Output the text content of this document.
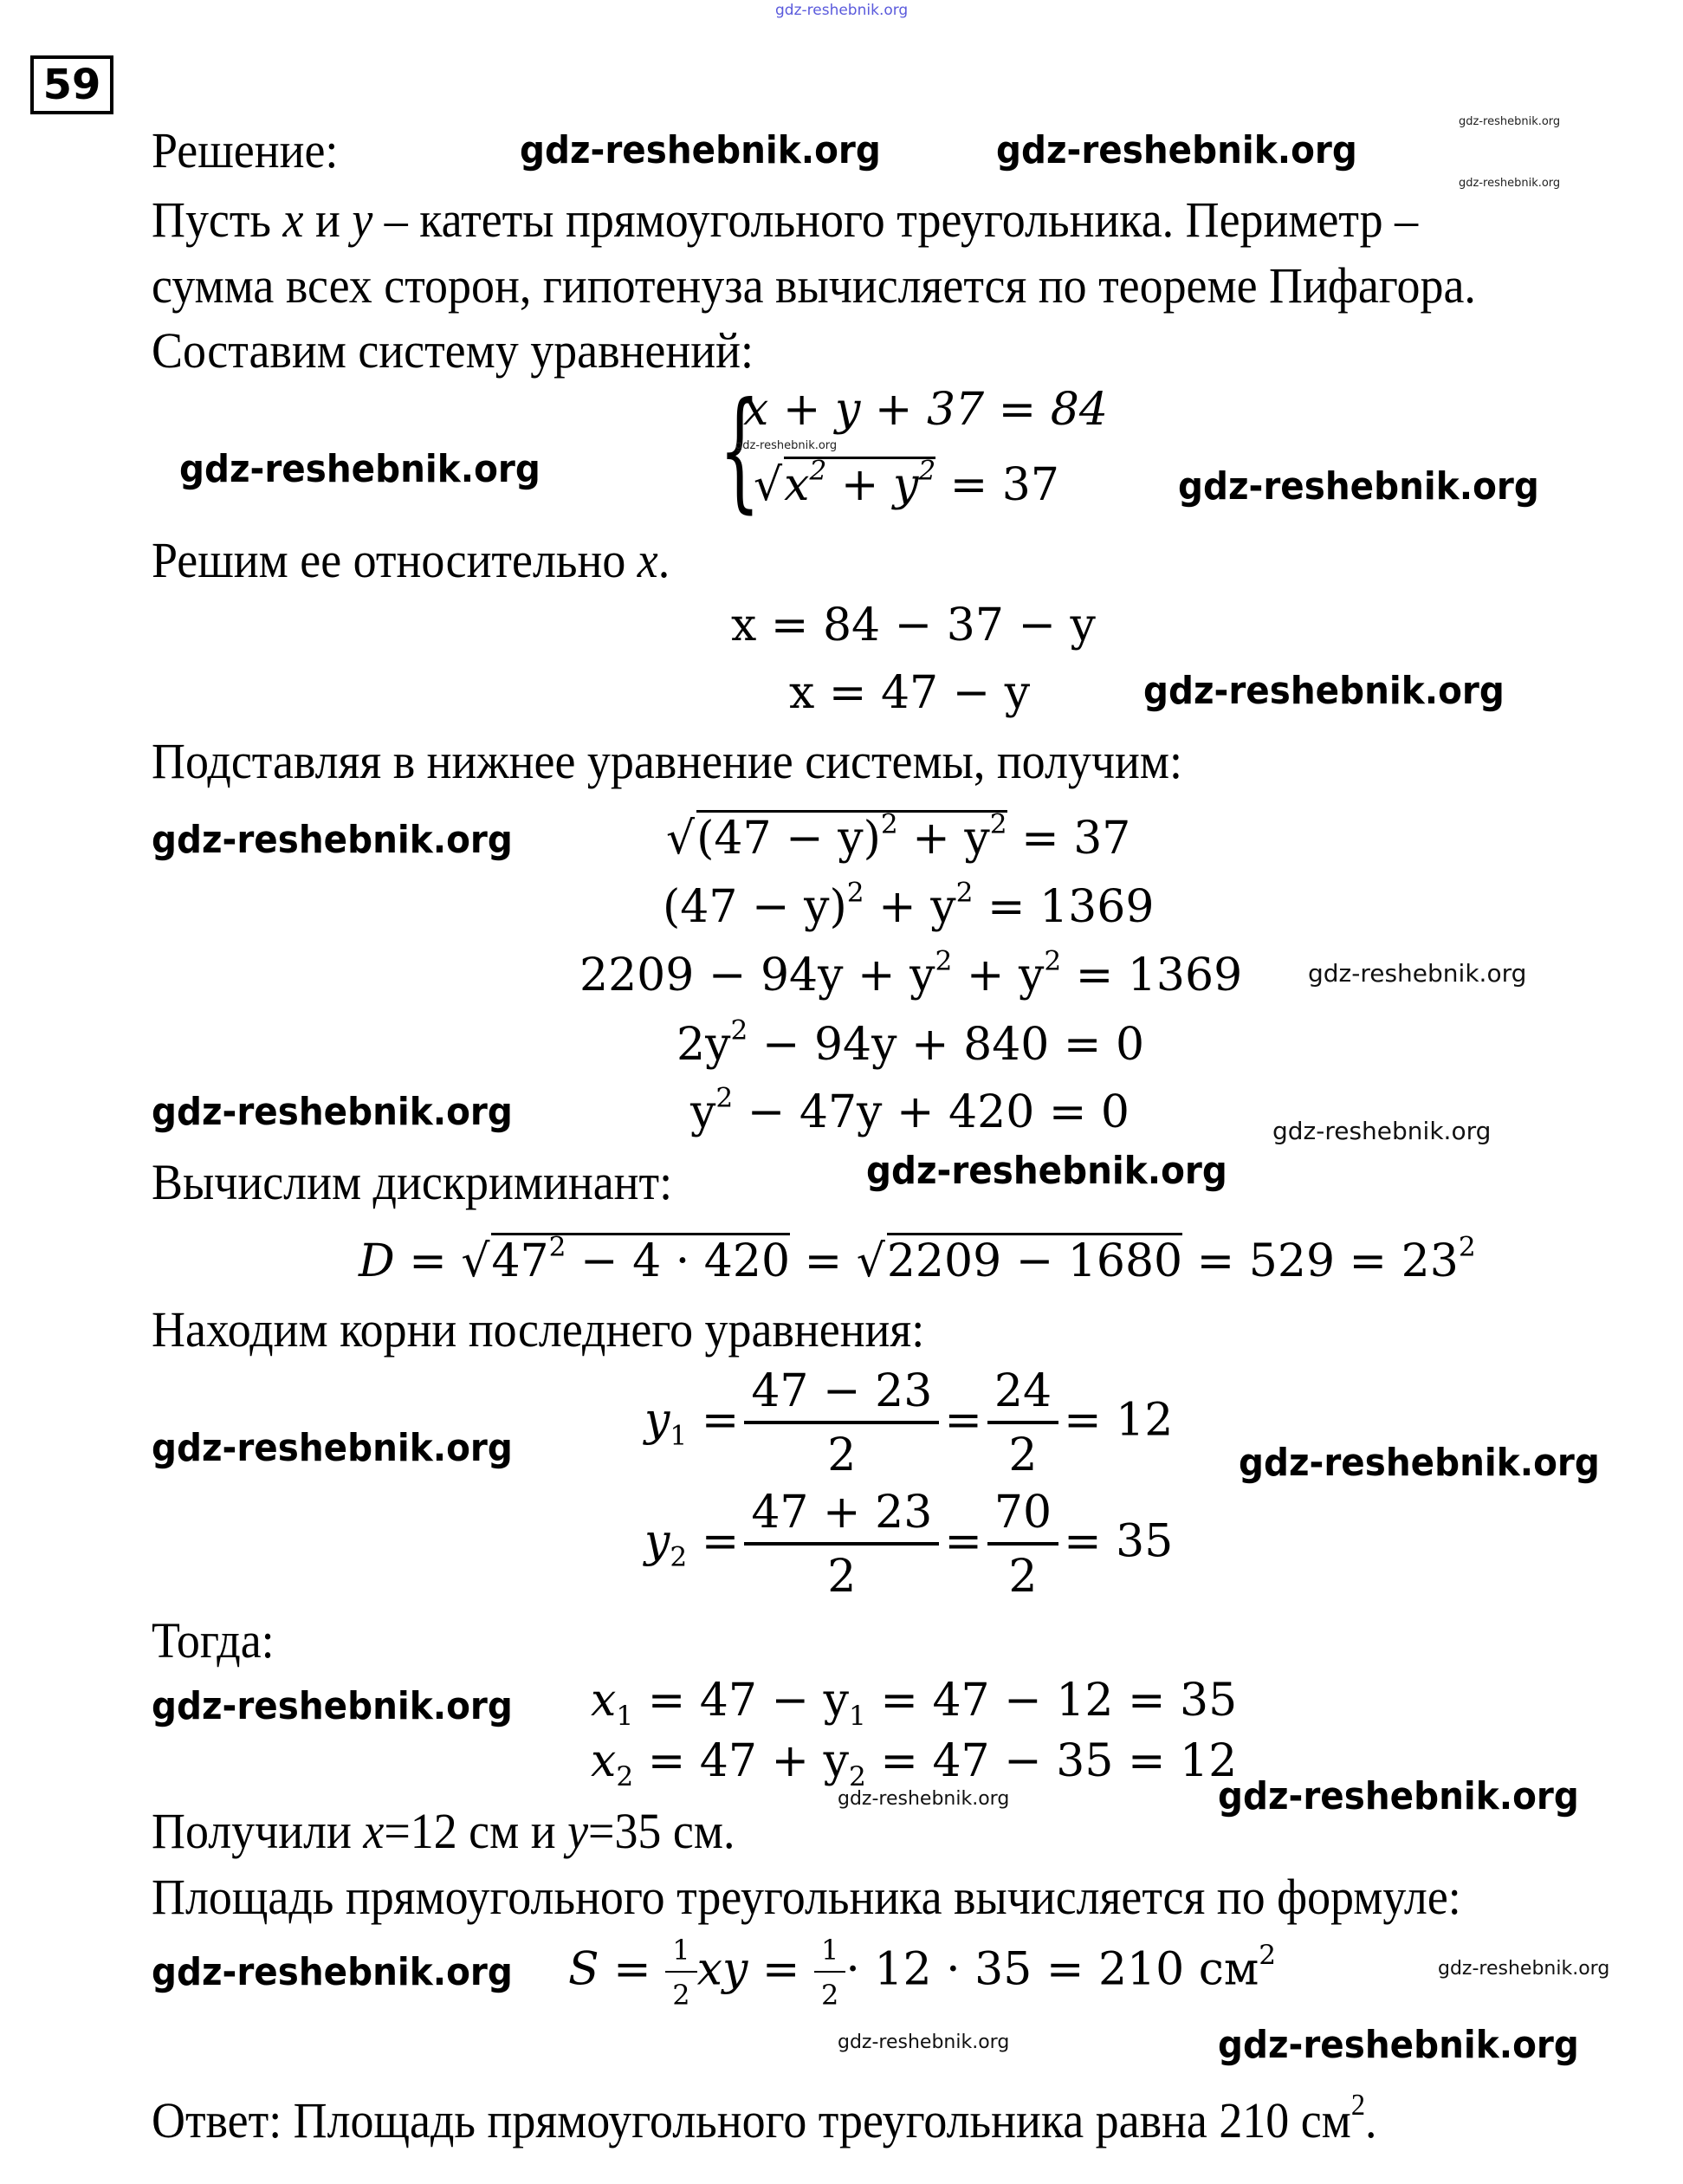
gdz-reshebnik.org
59
Решение:
Пусть x и y – катеты прямоугольного треугольника. Периметр –
сумма всех сторон, гипотенуза вычисляется по теореме Пифагора.
Составим систему уравнений:
{
x + y + 37 = 84
$√x^2 + y^2 = 37$
Решим ее относительно x.
x = 84 − 37 − y
x = 47 − y
Подставляя в нижнее уравнение системы, получим:
$√(47 - y)^2 + y^2 = 37$
$(47 - y)^2 + y^2 = 1369$
$2209 - 94y + y^2 + y^2 = 1369$
$2y^2 - 94y + 840 = 0$
$y^2 - 47y + 420 = 0$
Вычислим дискриминант:
$D = √47^2 - 4 \cdot 420 = √2209 - 1680 = 529 = 23^2$
Находим корни последнего уравнения:
$y_1 = \frac{47 - 23}{2} = \frac{24}{2} = 12$
$y_2 = \frac{47 + 23}{2} = \frac{70}{2} = 35$
Тогда:
$x_1 = 47 - y_1 = 47 - 12 = 35$
$x_2 = 47 + y_2 = 47 - 35 = 12$
Получили x=12 см и y=35 см.
Площадь прямоугольного треугольника вычисляется по формуле:
$S = \frac{1}{2}$ xy = $\frac{1}{2} \cdot 12 \cdot 35 = 210$ $см^2$
Ответ: Площадь прямоугольного треугольника равна 210 $см^2$.
gdz-reshebnik.org	gdz-reshebnik.org
gdz-reshebnik.org
gdz-reshebnik.org
gdz-reshebnik.org
gdz-reshebnik.org
gdz-reshebnik.org
gdz-reshebnik.org
gdz-reshebnik.org	gdz-reshebnik.org
gdz-reshebnik.org
gdz-reshebnik.org
gdz-reshebnik.org
gdz-reshebnik.org
gdz-reshebnik.org
gdz-reshebnik.org
gdz-reshebnik.org
gdz-reshebnik.org
gdz-reshebnik.org
gdz-reshebnik.org
gdz-reshebnik.org
gdz-reshebnik.org
